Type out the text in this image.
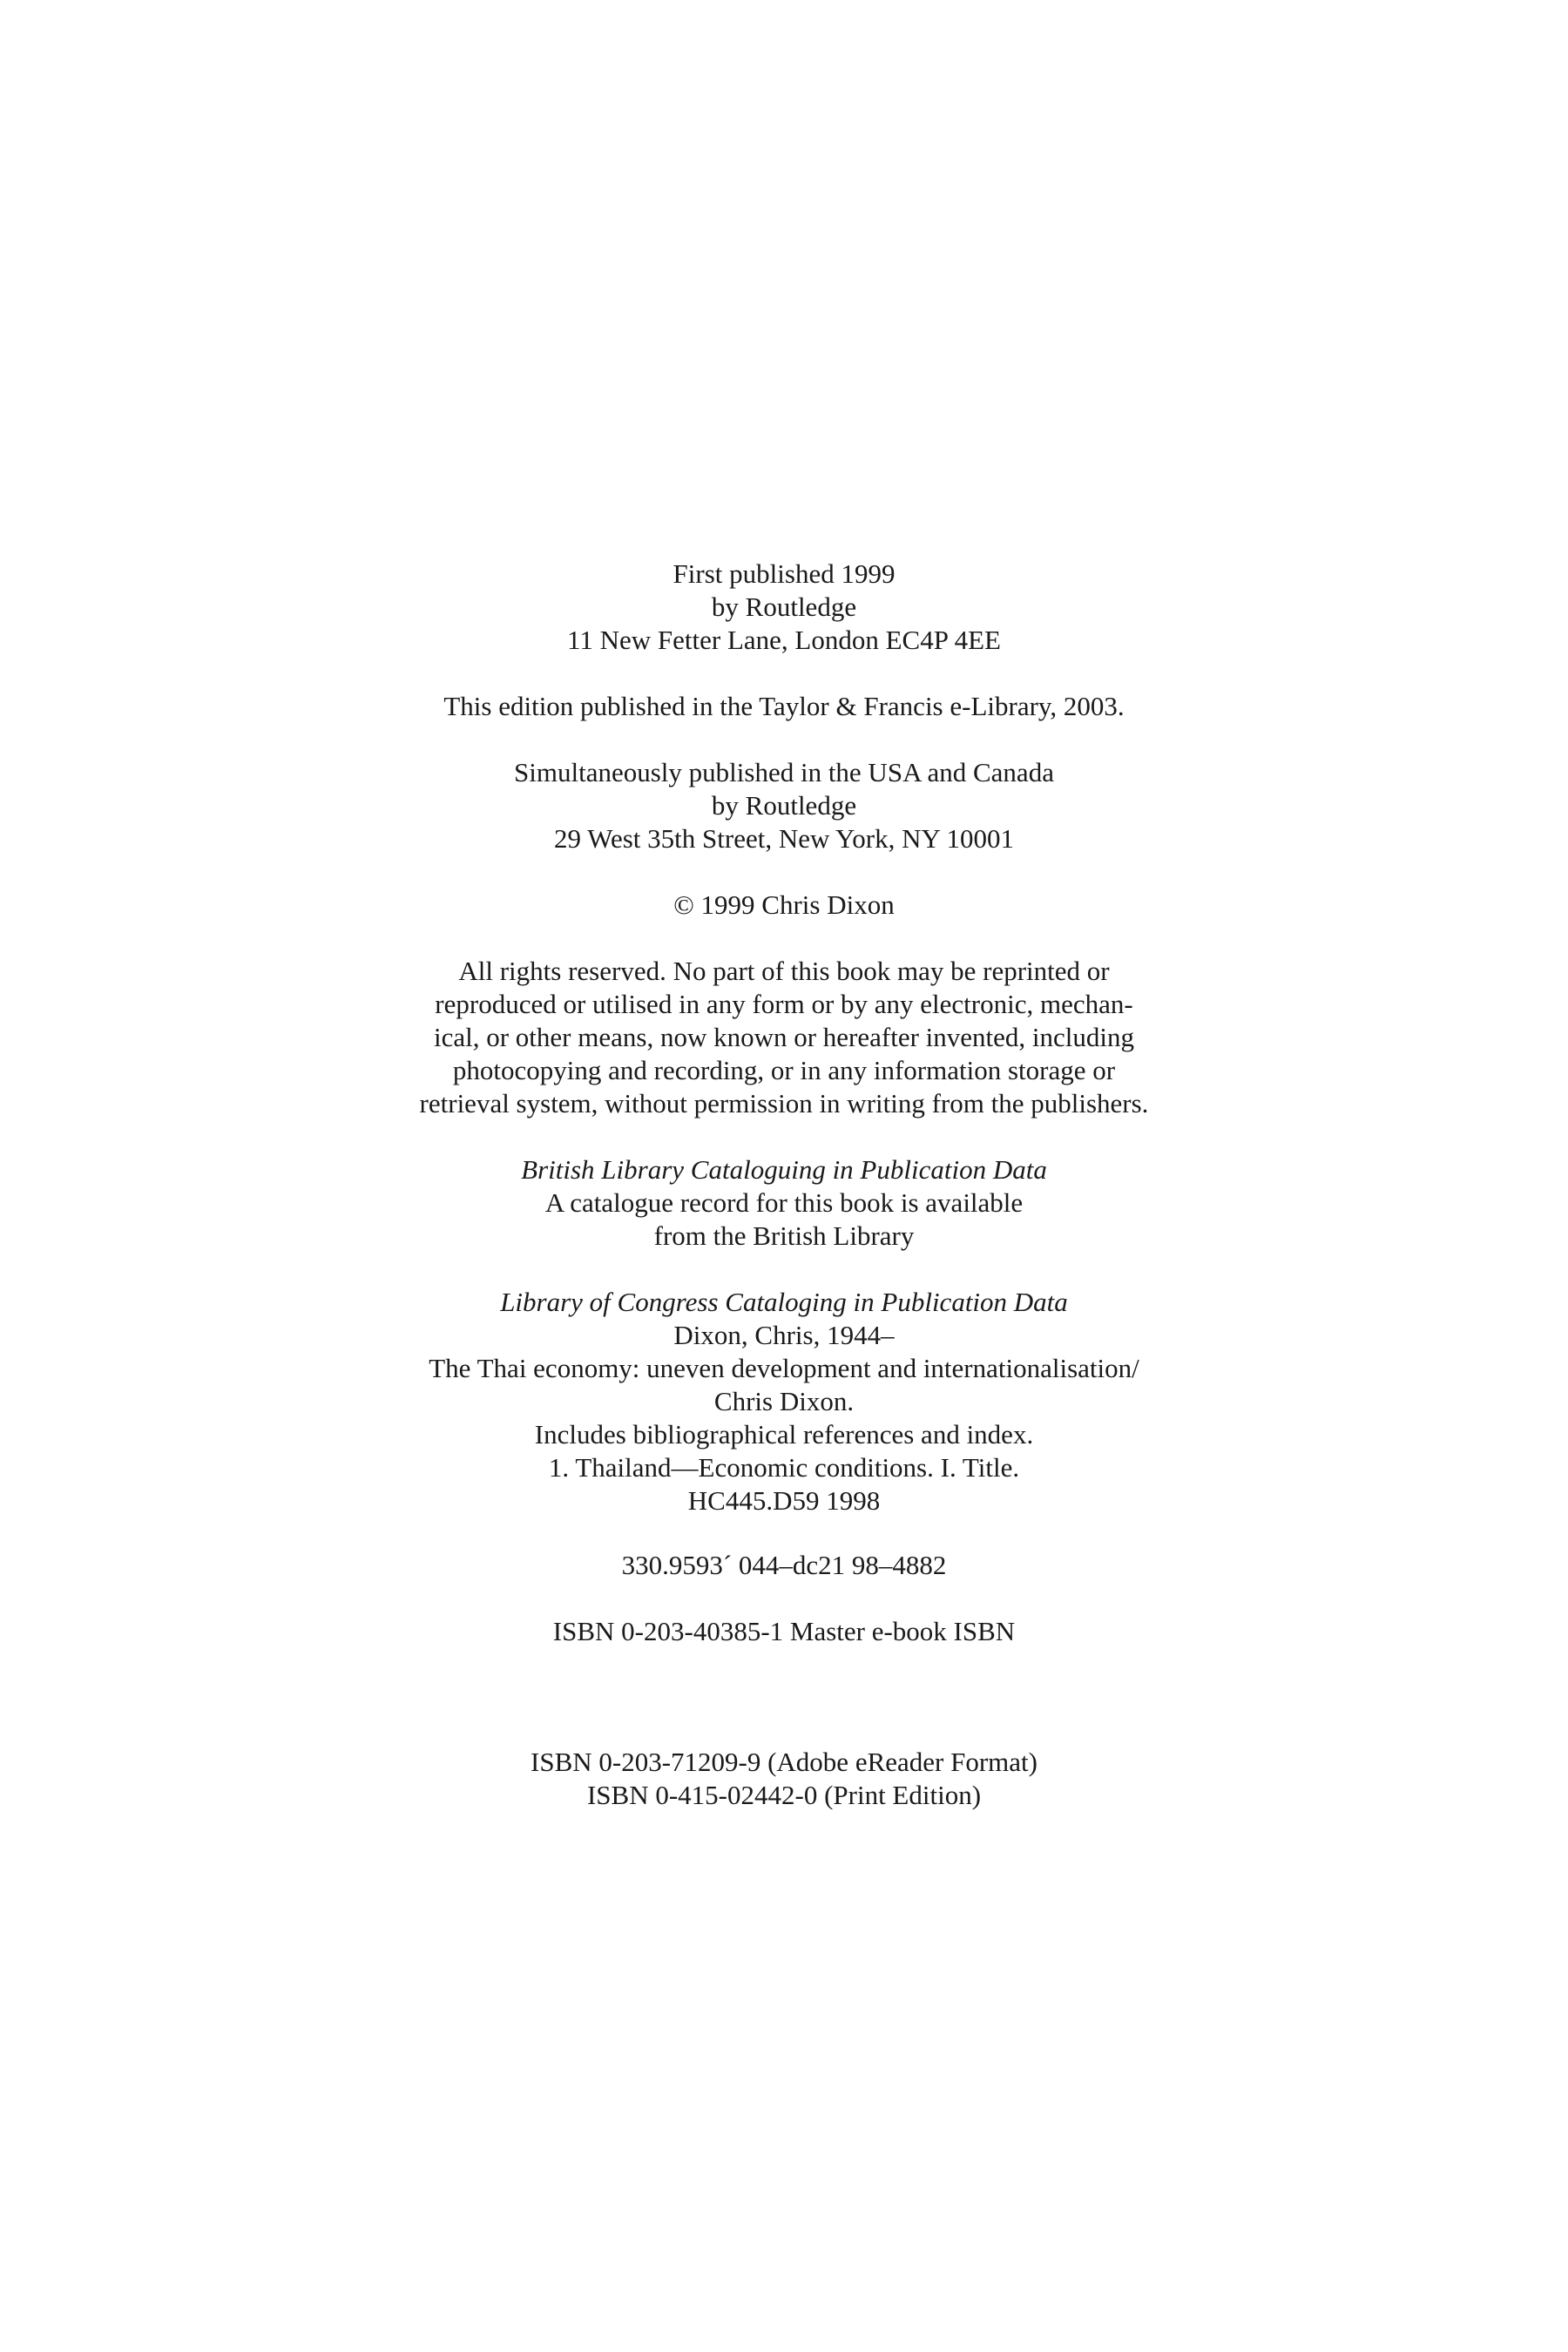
First published 1999
by Routledge
11 New Fetter Lane, London EC4P 4EE
This edition published in the Taylor & Francis e-Library, 2003.
Simultaneously published in the USA and Canada
by Routledge
29 West 35th Street, New York, NY 10001
© 1999 Chris Dixon
All rights reserved. No part of this book may be reprinted or
reproduced or utilised in any form or by any electronic, mechan-
ical, or other means, now known or hereafter invented, including
photocopying and recording, or in any information storage or
retrieval system, without permission in writing from the publishers.
British Library Cataloguing in Publication Data
A catalogue record for this book is available
from the British Library
Library of Congress Cataloging in Publication Data
Dixon, Chris, 1944–
The Thai economy: uneven development and internationalisation/
Chris Dixon.
Includes bibliographical references and index.
1. Thailand—Economic conditions. I. Title.
HC445.D59 1998
330.9593´ 044–dc21 98–4882
ISBN 0-203-40385-1 Master e-book ISBN
ISBN 0-203-71209-9 (Adobe eReader Format)
ISBN 0-415-02442-0 (Print Edition)
